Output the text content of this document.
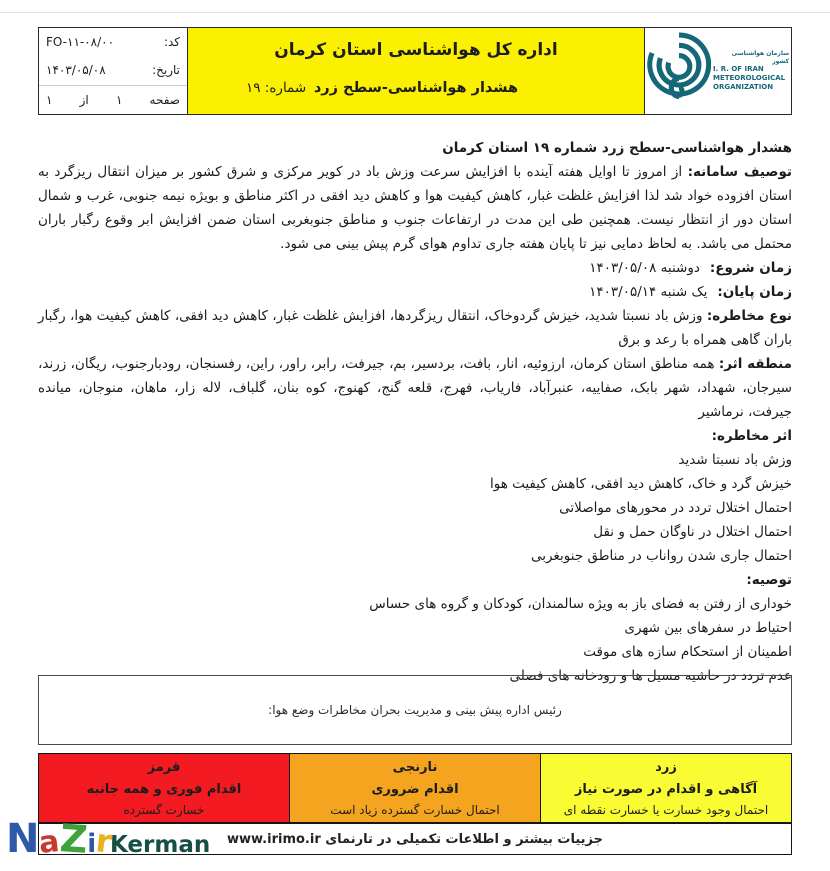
سازمان هواشناسی کشور
I. R. OF IRAN
METEOROLOGICAL
ORGANIZATION
اداره کل هواشناسی استان کرمان
هشدار هواشناسی-سطح زرد
شماره: ۱۹
کد:
FO-۱۱-۰۸/۰۰
تاریخ:
۱۴۰۳/۰۵/۰۸
صفحه
۱
از
۱

هشدار هواشناسی-سطح زرد شماره ۱۹ استان کرمان

توصیف سامانه: از امروز تا اوایل هفته آینده با افزایش سرعت وزش باد در کویر مرکزی و شرق کشور بر میزان انتقال ریزگرد به استان افزوده خواد شد لذا افزایش غلظت غبار، کاهش کیفیت هوا و کاهش دید افقی در اکثر مناطق و بویژه نیمه جنوبی، غرب و شمال استان دور از انتظار نیست. همچنین طی این مدت در ارتفاعات جنوب و مناطق جنوبغربی استان ضمن افزایش ابر وقوع رگبار باران محتمل می باشد. به لحاظ دمایی نیز تا پایان هفته جاری تداوم هوای گرم پیش بینی می شود.

زمان شروع:دوشنبه ۱۴۰۳/۰۵/۰۸

زمان پایان:یک شنبه ۱۴۰۳/۰۵/۱۴

نوع مخاطره: وزش باد نسبتا شدید، خیزش گردوخاک، انتقال ریزگردها، افزایش غلظت غبار، کاهش دید افقی، کاهش کیفیت هوا، رگبار باران گاهی همراه با رعد و برق

منطقه اثر: همه مناطق استان کرمان، ارزوئیه، انار، بافت، بردسیر، بم، جیرفت، رابر، راور، راین، رفسنجان، رودبارجنوب، ریگان، زرند، سیرجان، شهداد، شهر بابک، صفاییه، عنبرآباد، فاریاب، فهرج، قلعه گنج، کهنوج، کوه بنان، گلباف، لاله زار، ماهان، منوجان، میانده جیرفت، نرماشیر

اثر مخاطره:

وزش باد نسبتا شدید

خیزش گرد و خاک، کاهش دید افقی، کاهش کیفیت هوا

احتمال اختلال تردد در محورهای مواصلاتی

احتمال اختلال در ناوگان حمل و نقل

احتمال جاری شدن رواناب در مناطق جنوبغربی

توصیه:

خوداری از رفتن به فضای باز به ویژه سالمندان، کودکان و گروه های حساس

احتیاط در سفرهای بین شهری

اطمینان از استحکام سازه های موقت

عدم تردد در حاشیه مسیل ها و رودخانه های فصلی

رئیس اداره پیش بینی و مدیریت بحران مخاطرات وضع هوا:
زرد
آگاهی و اقدام در صورت نیاز
احتمال وجود خسارت یا خسارت نقطه ای
نارنجی
اقدام ضروری
احتمال خسارت گسترده زیاد است
قرمز
اقدام فوری و همه جانبه
خسارت گسترده
جزییات بیشتر و اطلاعات تکمیلی در تارنمای www.irimo.ir
NaZirKerman
